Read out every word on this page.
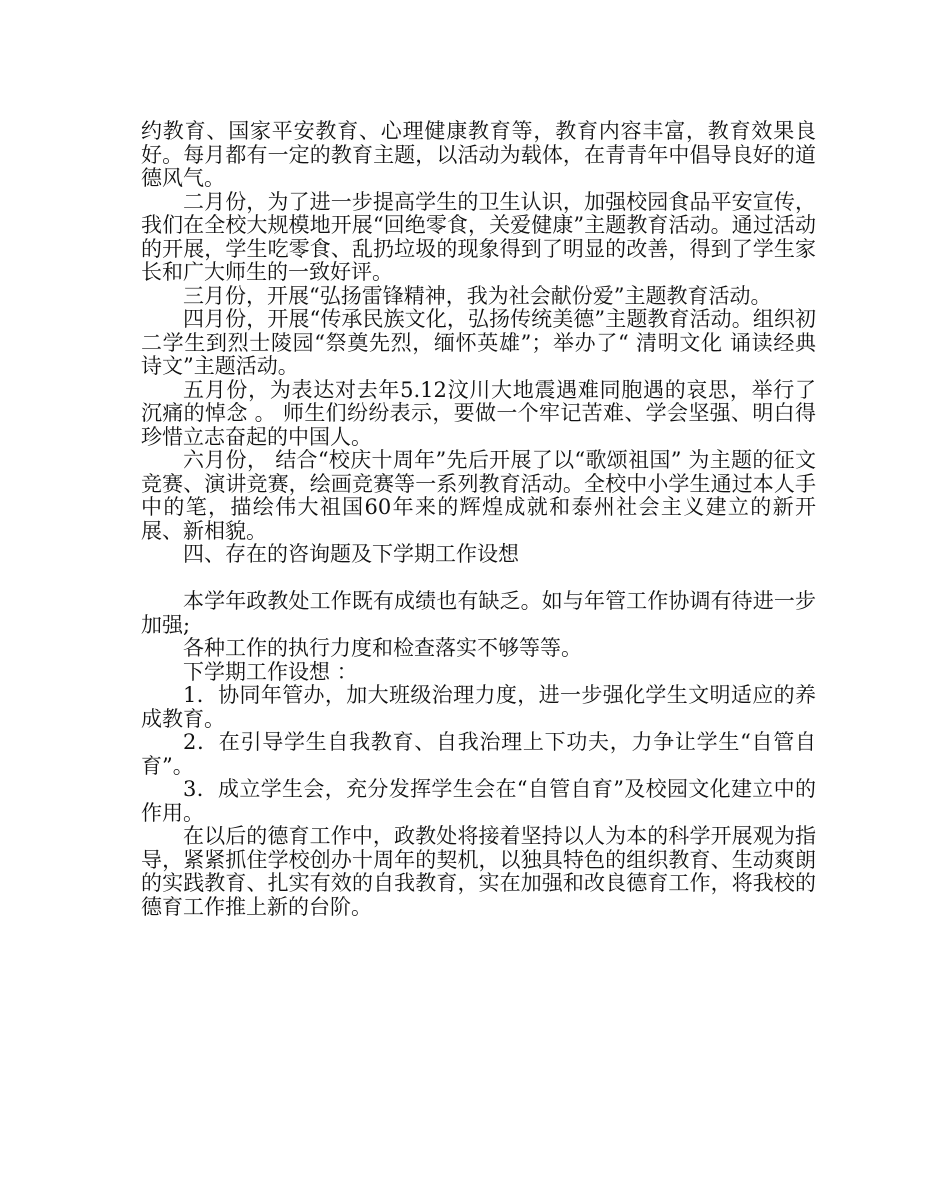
约教育、国家平安教育、心理健康教育等，教育内容丰富，教育效果良好。每月都有一定的教育主题，以活动为载体，在青青年中倡导良好的道德风气。

二月份，为了进一步提高学生的卫生认识，加强校园食品平安宣传， 我们在全校大规模地开展“回绝零食，关爱健康”主题教育活动。通过活动的开展，学生吃零食、乱扔垃圾的现象得到了明显的改善，得到了学生家长和广大师生的一致好评。

三月份，开展“弘扬雷锋精神，我为社会献份爱”主题教育活动。

四月份，开展“传承民族文化，弘扬传统美德”主题教育活动。组织初二学生到烈士陵园“祭奠先烈，缅怀英雄”；举办了“ 清明文化 诵读经典诗文”主题活动。

五月份，为表达对去年5.12汶川大地震遇难同胞遇的哀思，举行了沉痛的悼念 。 师生们纷纷表示，要做一个牢记苦难、学会坚强、明白得珍惜立志奋起的中国人。

六月份， 结合“校庆十周年”先后开展了以“歌颂祖国” 为主题的征文竞赛、演讲竞赛，绘画竞赛等一系列教育活动。全校中小学生通过本人手中的笔，描绘伟大祖国60年来的辉煌成就和泰州社会主义建立的新开展、新相貌。

四、存在的咨询题及下学期工作设想

本学年政教处工作既有成绩也有缺乏。如与年管工作协调有待进一步加强;

各种工作的执行力度和检查落实不够等等。

下学期工作设想 ：

1．协同年管办，加大班级治理力度，进一步强化学生文明适应的养成教育。

2．在引导学生自我教育、自我治理上下功夫，力争让学生“自管自育”。

3．成立学生会，充分发挥学生会在“自管自育”及校园文化建立中的作用。

在以后的德育工作中，政教处将接着坚持以人为本的科学开展观为指导，紧紧抓住学校创办十周年的契机，以独具特色的组织教育、生动爽朗的实践教育、扎实有效的自我教育，实在加强和改良德育工作，将我校的德育工作推上新的台阶。
